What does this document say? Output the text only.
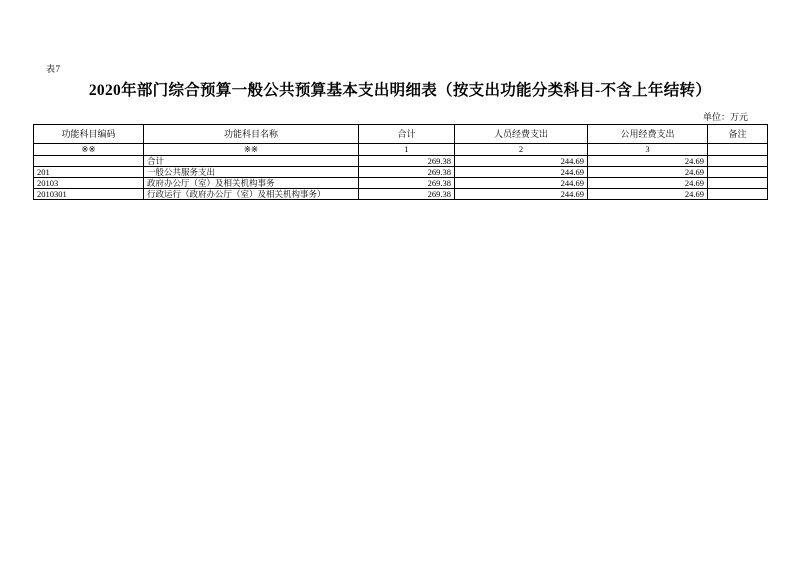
表7
2020年部门综合预算一般公共预算基本支出明细表（按支出功能分类科目-不含上年结转）
单位：万元
功能科目编码	功能科目名称	合计	人员经费支出	公用经费支出	备注
※※	※※	1	2	3	
	合计	269.38	244.69	24.69	
201	一般公共服务支出	269.38	244.69	24.69	
20103	政府办公厅（室）及相关机构事务	269.38	244.69	24.69	
2010301	行政运行（政府办公厅（室）及相关机构事务）	269.38	244.69	24.69	
